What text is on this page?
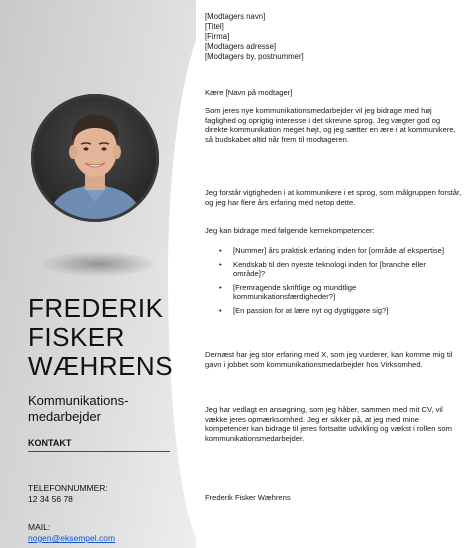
FREDERIK
FISKER
WÆHRENS
Kommunikations-
medarbejder
KONTAKT
TELEFONNUMMER:
12 34 56 78
MAIL:
nogen@eksempel.com
[Modtagers navn]
[Titel]
[Firma]
[Modtagers adresse]
[Modtagers by, postnummer]
Kære [Navn på modtager]
Som jeres nye kommunikationsmedarbejder vil jeg bidrage med høj faglighed og oprigtig interesse i det skrevne sprog. Jeg vægter god og direkte kommunikation meget højt, og jeg sætter en ære i at kommunikere, så budskabet altid når frem til modtageren.
Jeg forstår vigtigheden i at kommunikere i et sprog, som målgruppen forstår, og jeg har flere års erfaring med netop dette.
Jeg kan bidrage med følgende kernekompetencer:
• [Nummer] års praktisk erfaring inden for [område af ekspertise]
• Kendskab til den nyeste teknologi inden for [branche eller område]?
• [Fremragende skriftlige og mundtlige kommunikationsfærdigheder?]
• [En passion for at lære nyt og dygtiggøre sig?]
Dernæst har jeg stor erfaring med X, som jeg vurderer, kan komme mig til gavn i jobbet som kommunikationsmedarbejder hos Virksomhed.
Jeg har vedlagt en ansøgning, som jeg håber, sammen med mit CV, vil vække jeres opmærksomhed. Jeg er sikker på, at jeg med mine kompetencer kan bidrage til jeres fortsatte udvikling og vækst i rollen som kommunikationsmedarbejder.
Frederik Fisker Wæhrens
